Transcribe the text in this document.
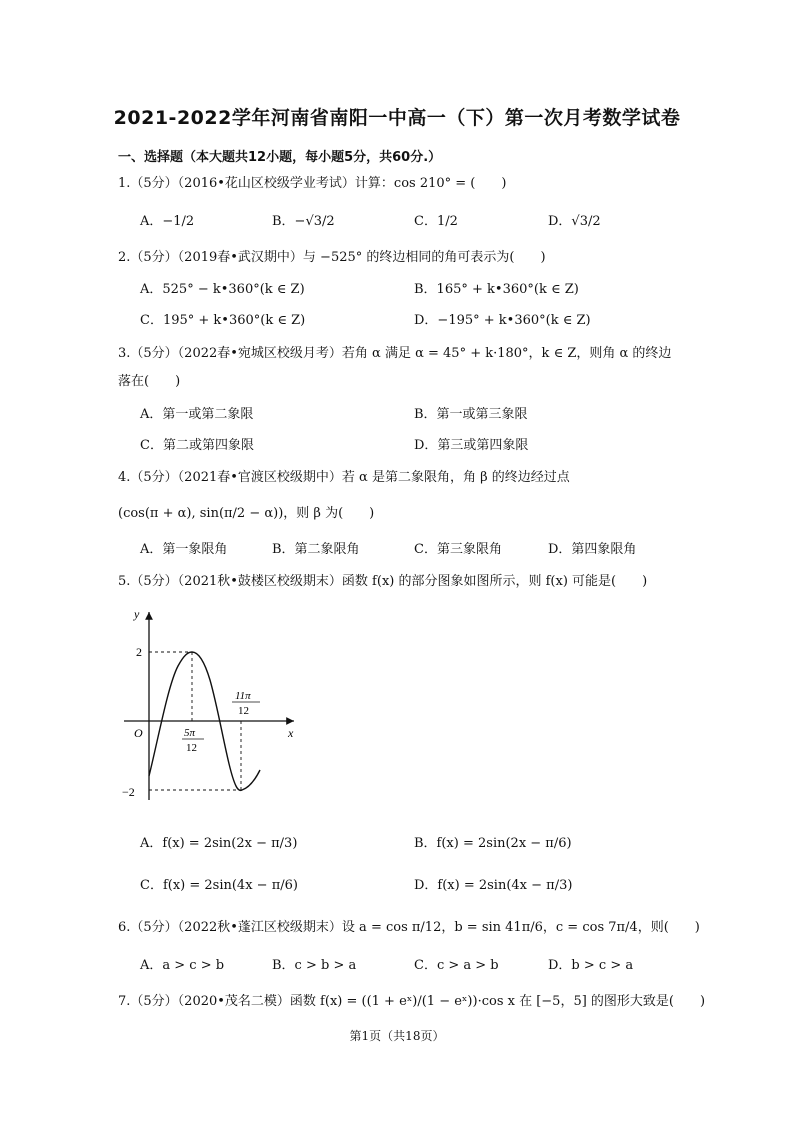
2021-2022学年河南省南阳一中高一（下）第一次月考数学试卷
一、选择题（本大题共12小题，每小题5分，共60分.）
1.（5分）（2016•花山区校级学业考试）计算：cos 210° = (　　)
A．−1/2	B．−√3/2	C．1/2	D．√3/2
2.（5分）（2019春•武汉期中）与 −525° 的终边相同的角可表示为(　　)
A．525° − k•360°(k ∈ Z)	B．165° + k•360°(k ∈ Z)
C．195° + k•360°(k ∈ Z)	D．−195° + k•360°(k ∈ Z)
3.（5分）（2022春•宛城区校级月考）若角 α 满足 α = 45° + k·180°，k ∈ Z，则角 α 的终边
落在(　　)
A．第一或第二象限	B．第一或第三象限
C．第二或第四象限	D．第三或第四象限
4.（5分）（2021春•官渡区校级期中）若 α 是第二象限角，角 β 的终边经过点
(cos(π + α), sin(π/2 − α))，则 β 为(　　)
A．第一象限角	B．第二象限角	C．第三象限角	D．第四象限角
5.（5分）（2021秋•鼓楼区校级期末）函数 f(x) 的部分图象如图所示，则 f(x) 可能是(　　)
y
x
O
2
−2
5π
12
11π
12
A．f(x) = 2sin(2x − π/3)	B．f(x) = 2sin(2x − π/6)
C．f(x) = 2sin(4x − π/6)	D．f(x) = 2sin(4x − π/3)
6.（5分）（2022秋•蓬江区校级期末）设 a = cos π/12，b = sin 41π/6，c = cos 7π/4，则(　　)
A．a > c > b	B．c > b > a	C．c > a > b	D．b > c > a
7.（5分）（2020•茂名二模）函数 f(x) = ((1 + eˣ)/(1 − eˣ))·cos x 在 [−5，5] 的图形大致是(　　)
第1页（共18页）
